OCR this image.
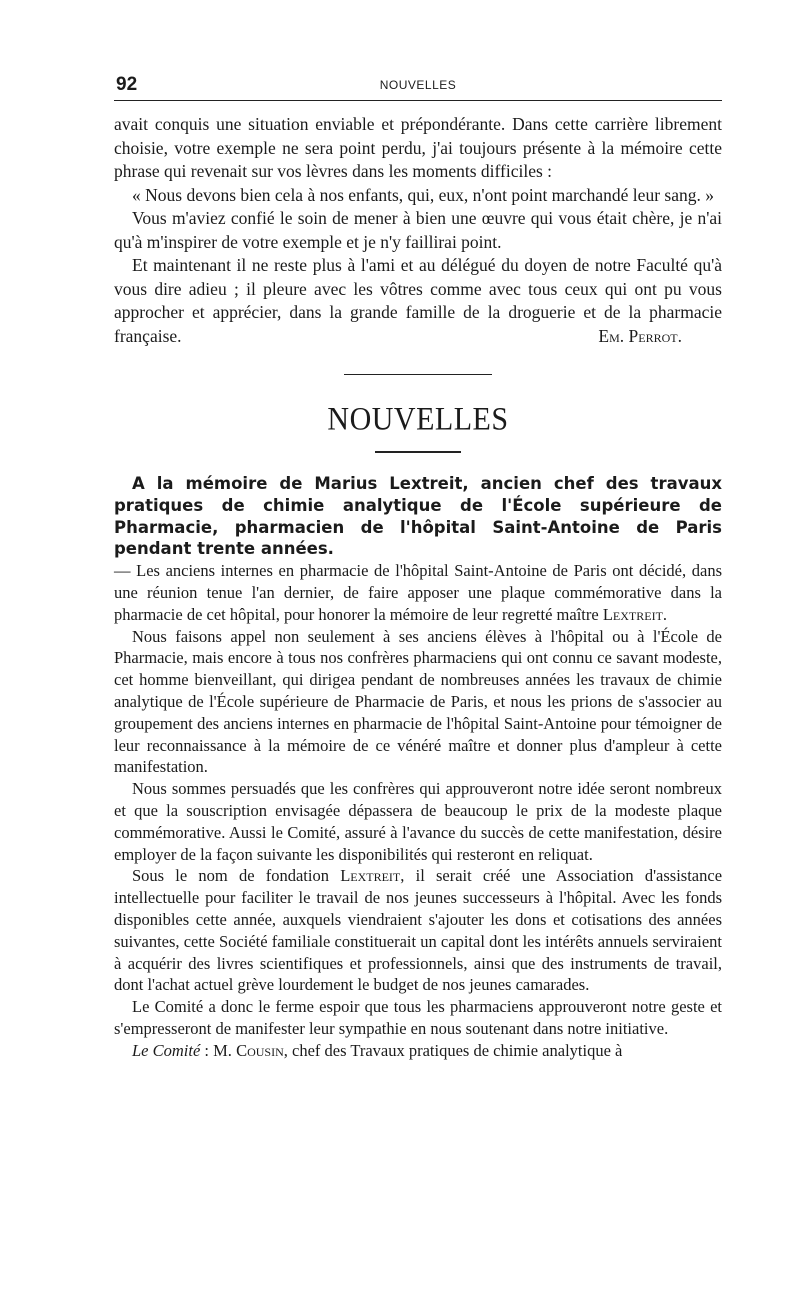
92	NOUVELLES

avait conquis une situation enviable et prépondérante. Dans cette carrière librement choisie, votre exemple ne sera point perdu, j'ai toujours présente à la mémoire cette phrase qui revenait sur vos lèvres dans les moments difficiles :

« Nous devons bien cela à nos enfants, qui, eux, n'ont point marchandé leur sang. »

Vous m'aviez confié le soin de mener à bien une œuvre qui vous était chère, je n'ai qu'à m'inspirer de votre exemple et je n'y faillirai point.

Et maintenant il ne reste plus à l'ami et au délégué du doyen de notre Faculté qu'à vous dire adieu ; il pleure avec les vôtres comme avec tous ceux qui ont pu vous approcher et apprécier, dans la grande famille de la droguerie et de la pharmacie française.	Em. Perrot.

NOUVELLES

A la mémoire de Marius Lextreit, ancien chef des travaux pratiques de chimie analytique de l'École supérieure de Pharmacie, pharmacien de l'hôpital Saint-Antoine de Paris pendant trente années.

— Les anciens internes en pharmacie de l'hôpital Saint-Antoine de Paris ont décidé, dans une réunion tenue l'an dernier, de faire apposer une plaque commémorative dans la pharmacie de cet hôpital, pour honorer la mémoire de leur regretté maître Lextreit.

Nous faisons appel non seulement à ses anciens élèves à l'hôpital ou à l'École de Pharmacie, mais encore à tous nos confrères pharmaciens qui ont connu ce savant modeste, cet homme bienveillant, qui dirigea pendant de nombreuses années les travaux de chimie analytique de l'École supérieure de Pharmacie de Paris, et nous les prions de s'associer au groupement des anciens internes en pharmacie de l'hôpital Saint-Antoine pour témoigner de leur reconnaissance à la mémoire de ce vénéré maître et donner plus d'ampleur à cette manifestation.

Nous sommes persuadés que les confrères qui approuveront notre idée seront nombreux et que la souscription envisagée dépassera de beaucoup le prix de la modeste plaque commémorative. Aussi le Comité, assuré à l'avance du succès de cette manifestation, désire employer de la façon suivante les disponibilités qui resteront en reliquat.

Sous le nom de fondation Lextreit, il serait créé une Association d'assistance intellectuelle pour faciliter le travail de nos jeunes successeurs à l'hôpital. Avec les fonds disponibles cette année, auxquels viendraient s'ajouter les dons et cotisations des années suivantes, cette Société familiale constituerait un capital dont les intérêts annuels serviraient à acquérir des livres scientifiques et professionnels, ainsi que des instruments de travail, dont l'achat actuel grève lourdement le budget de nos jeunes camarades.

Le Comité a donc le ferme espoir que tous les pharmaciens approuveront notre geste et s'empresseront de manifester leur sympathie en nous soutenant dans notre initiative.

Le Comité : M. Cousin, chef des Travaux pratiques de chimie analytique à
